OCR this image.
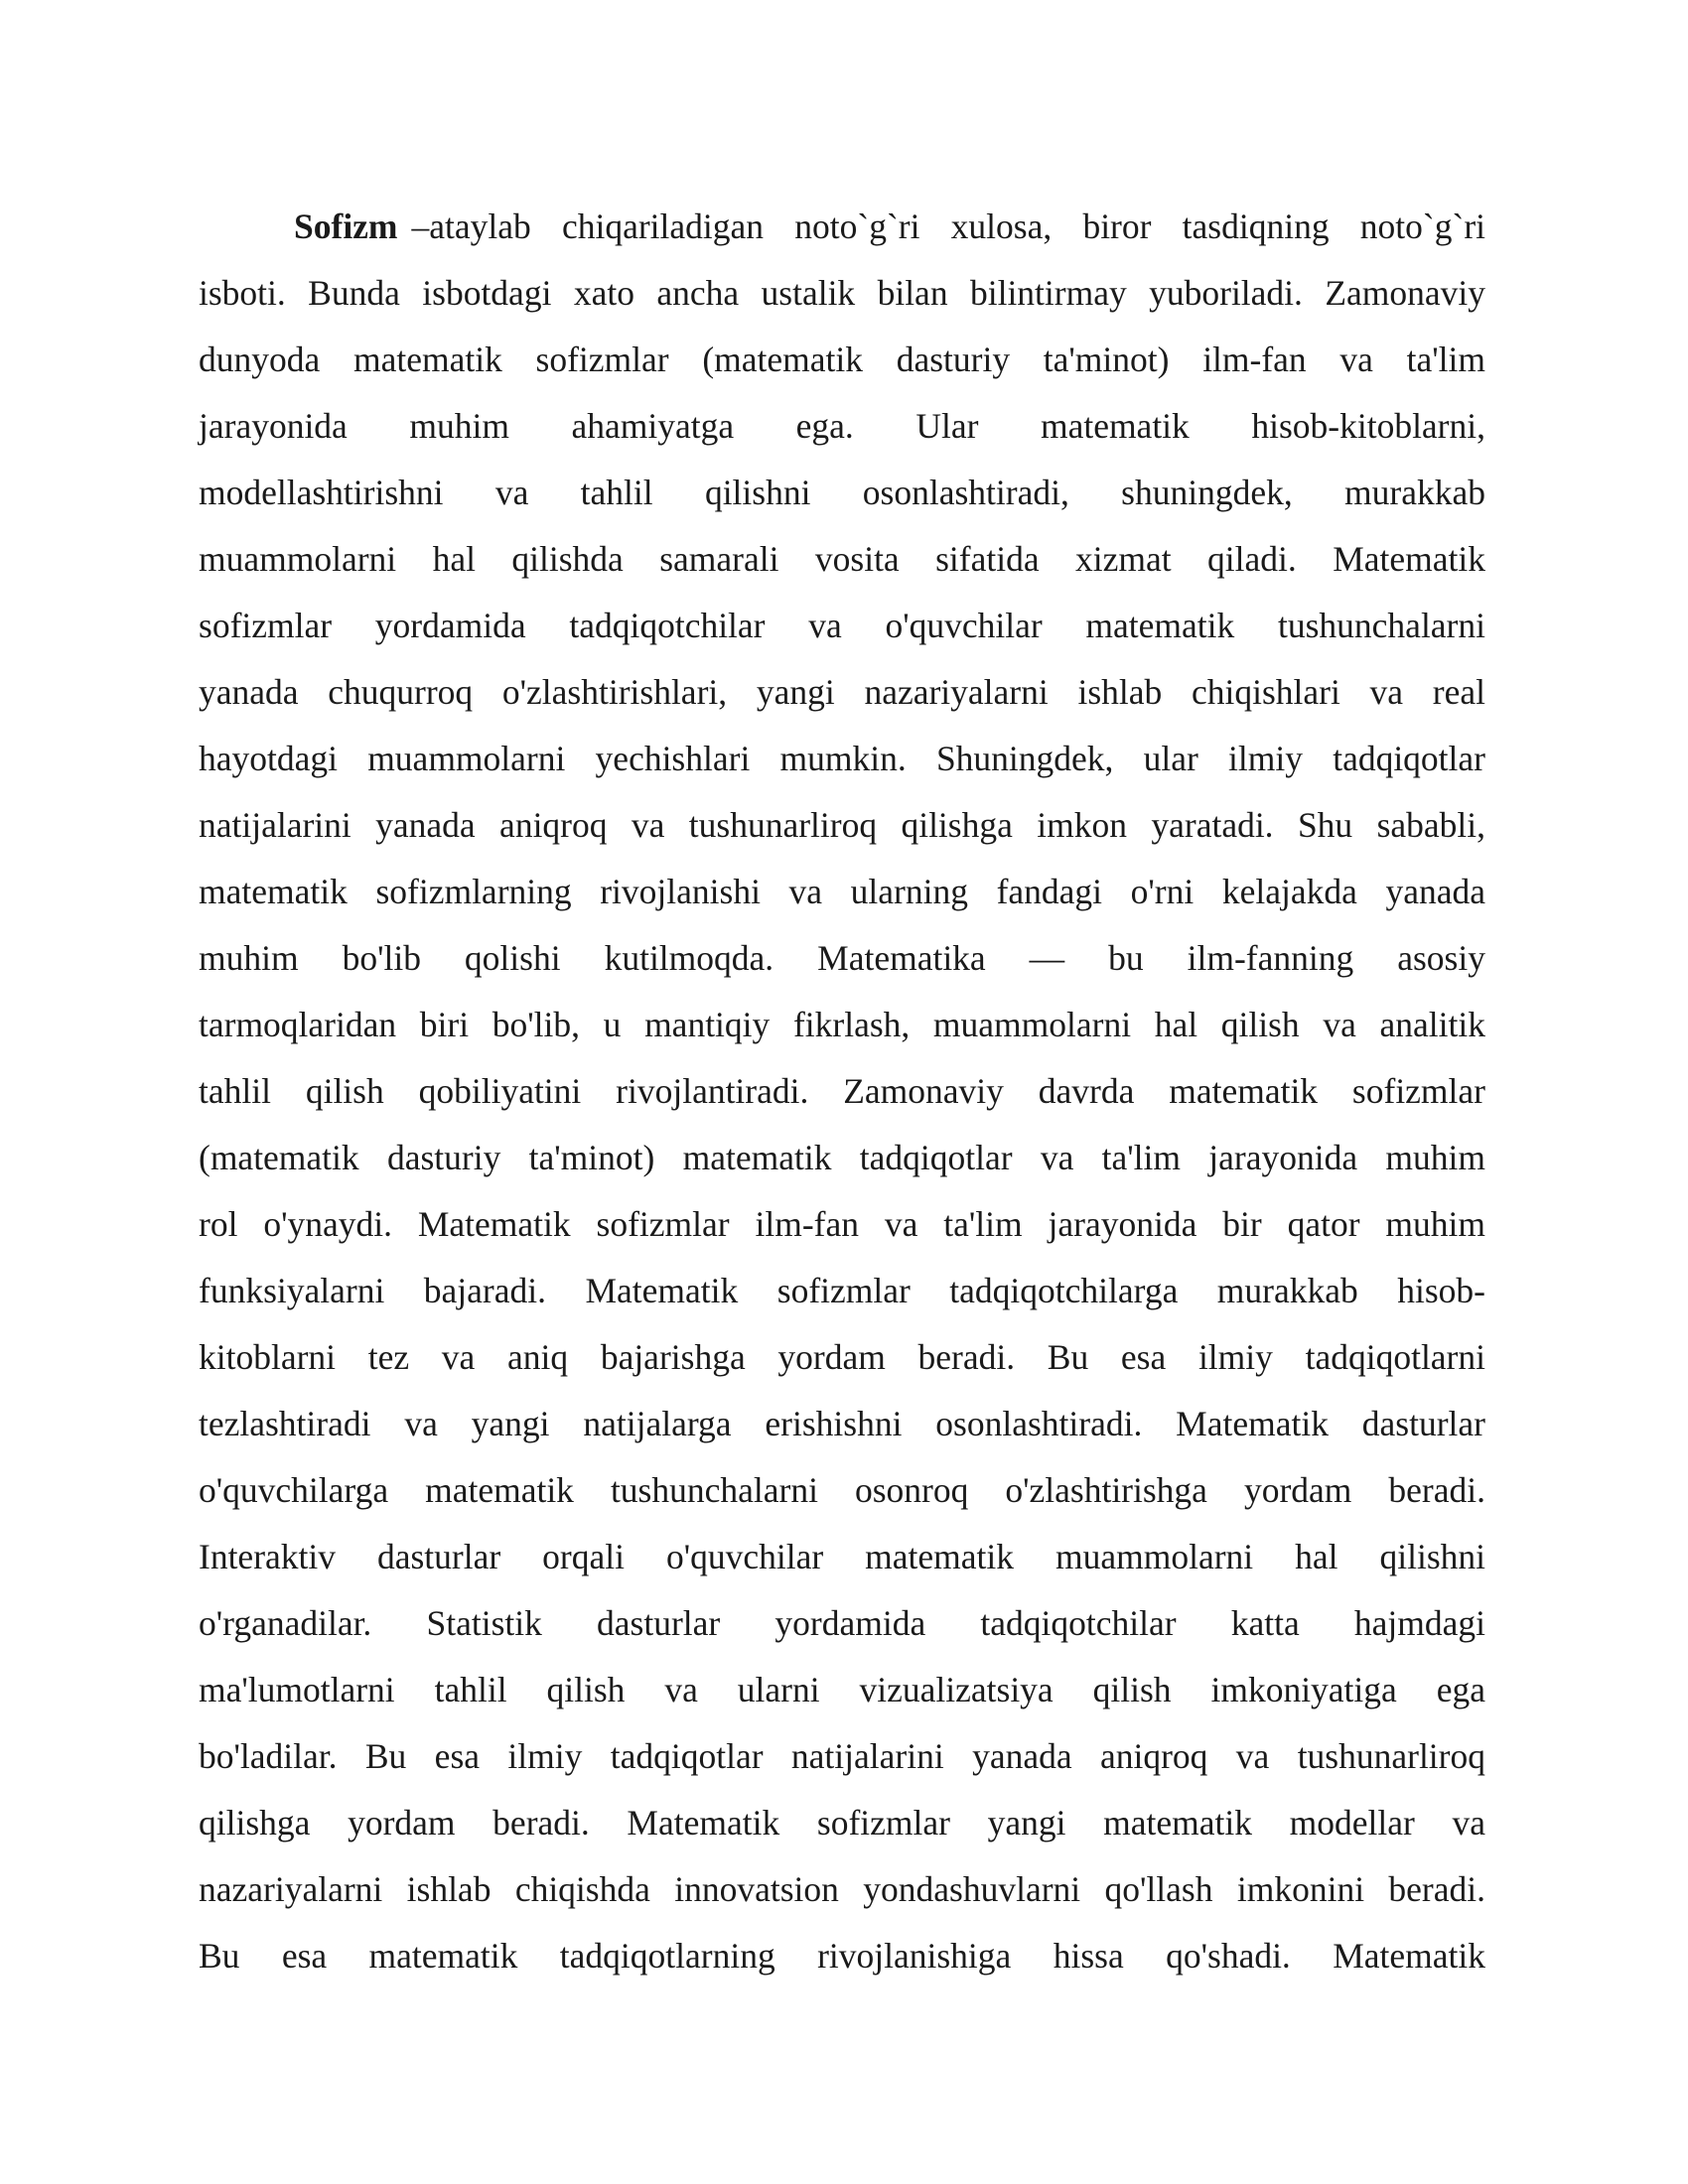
Sofizm –ataylab chiqariladigan noto`g`ri xulosa, biror tasdiqning noto`g`ri
isboti. Bunda isbotdagi xato ancha ustalik bilan bilintirmay yuboriladi. Zamonaviy
dunyoda matematik sofizmlar (matematik dasturiy ta'minot) ilm-fan va ta'lim
jarayonida muhim ahamiyatga ega. Ular matematik hisob-kitoblarni,
modellashtirishni va tahlil qilishni osonlashtiradi, shuningdek, murakkab
muammolarni hal qilishda samarali vosita sifatida xizmat qiladi. Matematik
sofizmlar yordamida tadqiqotchilar va o'quvchilar matematik tushunchalarni
yanada chuqurroq o'zlashtirishlari, yangi nazariyalarni ishlab chiqishlari va real
hayotdagi muammolarni yechishlari mumkin. Shuningdek, ular ilmiy tadqiqotlar
natijalarini yanada aniqroq va tushunarliroq qilishga imkon yaratadi. Shu sababli,
matematik sofizmlarning rivojlanishi va ularning fandagi o'rni kelajakda yanada
muhim bo'lib qolishi kutilmoqda. Matematika — bu ilm-fanning asosiy
tarmoqlaridan biri bo'lib, u mantiqiy fikrlash, muammolarni hal qilish va analitik
tahlil qilish qobiliyatini rivojlantiradi. Zamonaviy davrda matematik sofizmlar
(matematik dasturiy ta'minot) matematik tadqiqotlar va ta'lim jarayonida muhim
rol o'ynaydi. Matematik sofizmlar ilm-fan va ta'lim jarayonida bir qator muhim
funksiyalarni bajaradi. Matematik sofizmlar tadqiqotchilarga murakkab hisob-
kitoblarni tez va aniq bajarishga yordam beradi. Bu esa ilmiy tadqiqotlarni
tezlashtiradi va yangi natijalarga erishishni osonlashtiradi. Matematik dasturlar
o'quvchilarga matematik tushunchalarni osonroq o'zlashtirishga yordam beradi.
Interaktiv dasturlar orqali o'quvchilar matematik muammolarni hal qilishni
o'rganadilar. Statistik dasturlar yordamida tadqiqotchilar katta hajmdagi
ma'lumotlarni tahlil qilish va ularni vizualizatsiya qilish imkoniyatiga ega
bo'ladilar. Bu esa ilmiy tadqiqotlar natijalarini yanada aniqroq va tushunarliroq
qilishga yordam beradi. Matematik sofizmlar yangi matematik modellar va
nazariyalarni ishlab chiqishda innovatsion yondashuvlarni qo'llash imkonini beradi.
Bu esa matematik tadqiqotlarning rivojlanishiga hissa qo'shadi. Matematik
